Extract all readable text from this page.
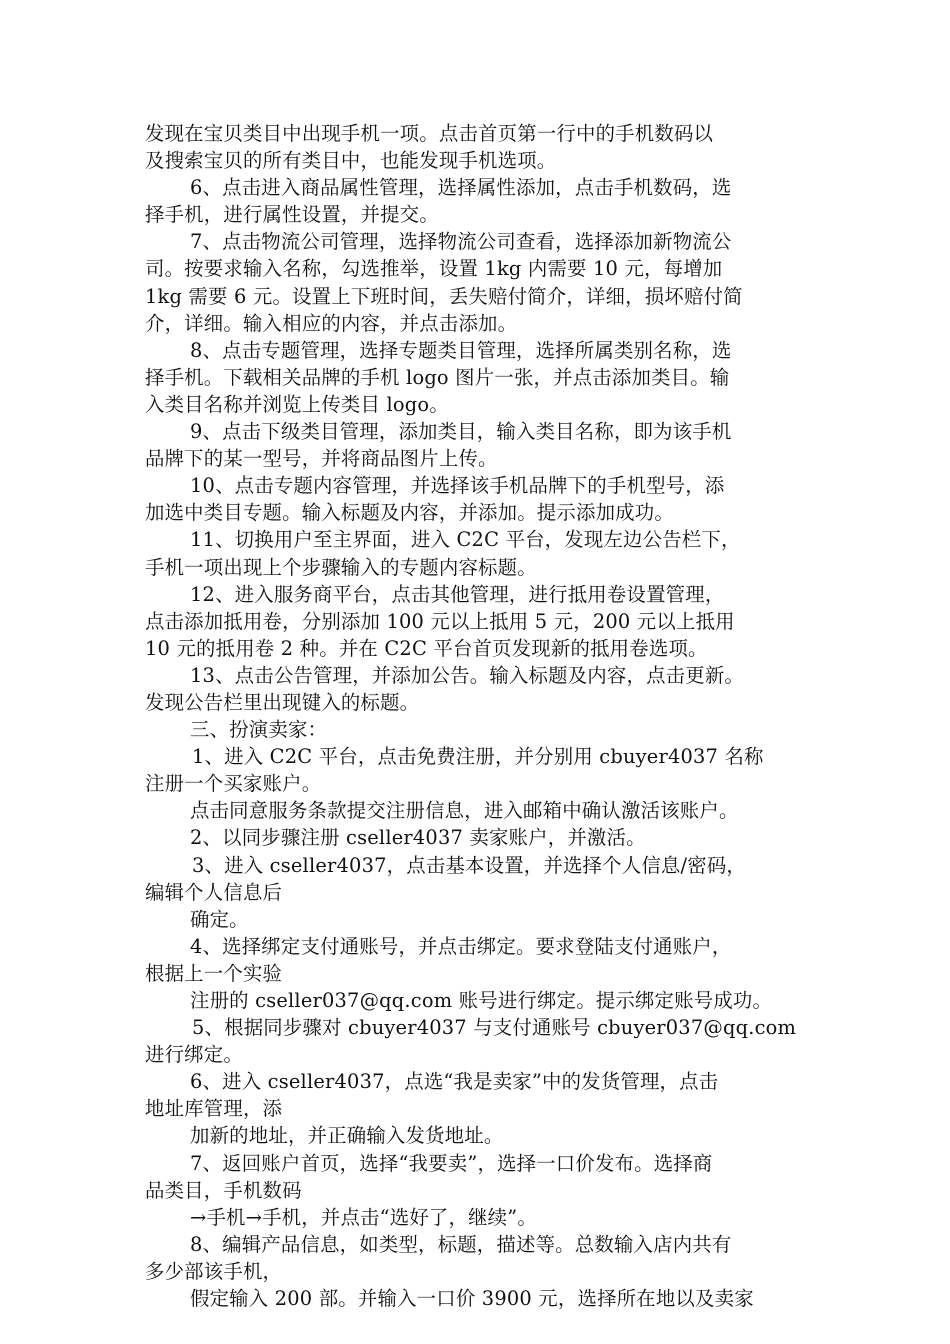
发现在宝贝类目中出现手机一项。点击首页第一行中的手机数码以
及搜索宝贝的所有类目中，也能发现手机选项。
6、点击进入商品属性管理，选择属性添加，点击手机数码，选
择手机，进行属性设置，并提交。
7、点击物流公司管理，选择物流公司查看，选择添加新物流公
司。按要求输入名称，勾选推举，设置 1kg 内需要 10 元，每增加
1kg 需要 6 元。设置上下班时间，丢失赔付简介，详细，损坏赔付简
介，详细。输入相应的内容，并点击添加。
8、点击专题管理，选择专题类目管理，选择所属类别名称，选
择手机。下载相关品牌的手机 logo 图片一张，并点击添加类目。输
入类目名称并浏览上传类目 logo。
9、点击下级类目管理，添加类目，输入类目名称，即为该手机
品牌下的某一型号，并将商品图片上传。
10、点击专题内容管理，并选择该手机品牌下的手机型号，添
加选中类目专题。输入标题及内容，并添加。提示添加成功。
11、切换用户至主界面，进入 C2C 平台，发现左边公告栏下，
手机一项出现上个步骤输入的专题内容标题。
12、进入服务商平台，点击其他管理，进行抵用卷设置管理，
点击添加抵用卷，分别添加 100 元以上抵用 5 元，200 元以上抵用
10 元的抵用卷 2 种。并在 C2C 平台首页发现新的抵用卷选项。
13、点击公告管理，并添加公告。输入标题及内容，点击更新。
发现公告栏里出现键入的标题。
三、扮演卖家：
1、进入 C2C 平台，点击免费注册，并分别用 cbuyer4037 名称
注册一个买家账户。
点击同意服务条款提交注册信息，进入邮箱中确认激活该账户。
2、以同步骤注册 cseller4037 卖家账户，并激活。
3、进入 cseller4037，点击基本设置，并选择个人信息/密码，
编辑个人信息后
确定。
4、选择绑定支付通账号，并点击绑定。要求登陆支付通账户，
根据上一个实验
注册的 cseller037@qq.com 账号进行绑定。提示绑定账号成功。
5、根据同步骤对 cbuyer4037 与支付通账号 cbuyer037@qq.com
进行绑定。
6、进入 cseller4037，点选“我是卖家”中的发货管理，点击
地址库管理，添
加新的地址，并正确输入发货地址。
7、返回账户首页，选择“我要卖”，选择一口价发布。选择商
品类目，手机数码
→手机→手机，并点击“选好了，继续”。
8、编辑产品信息，如类型，标题，描述等。总数输入店内共有
多少部该手机，
假定输入 200 部。并输入一口价 3900 元，选择所在地以及卖家
